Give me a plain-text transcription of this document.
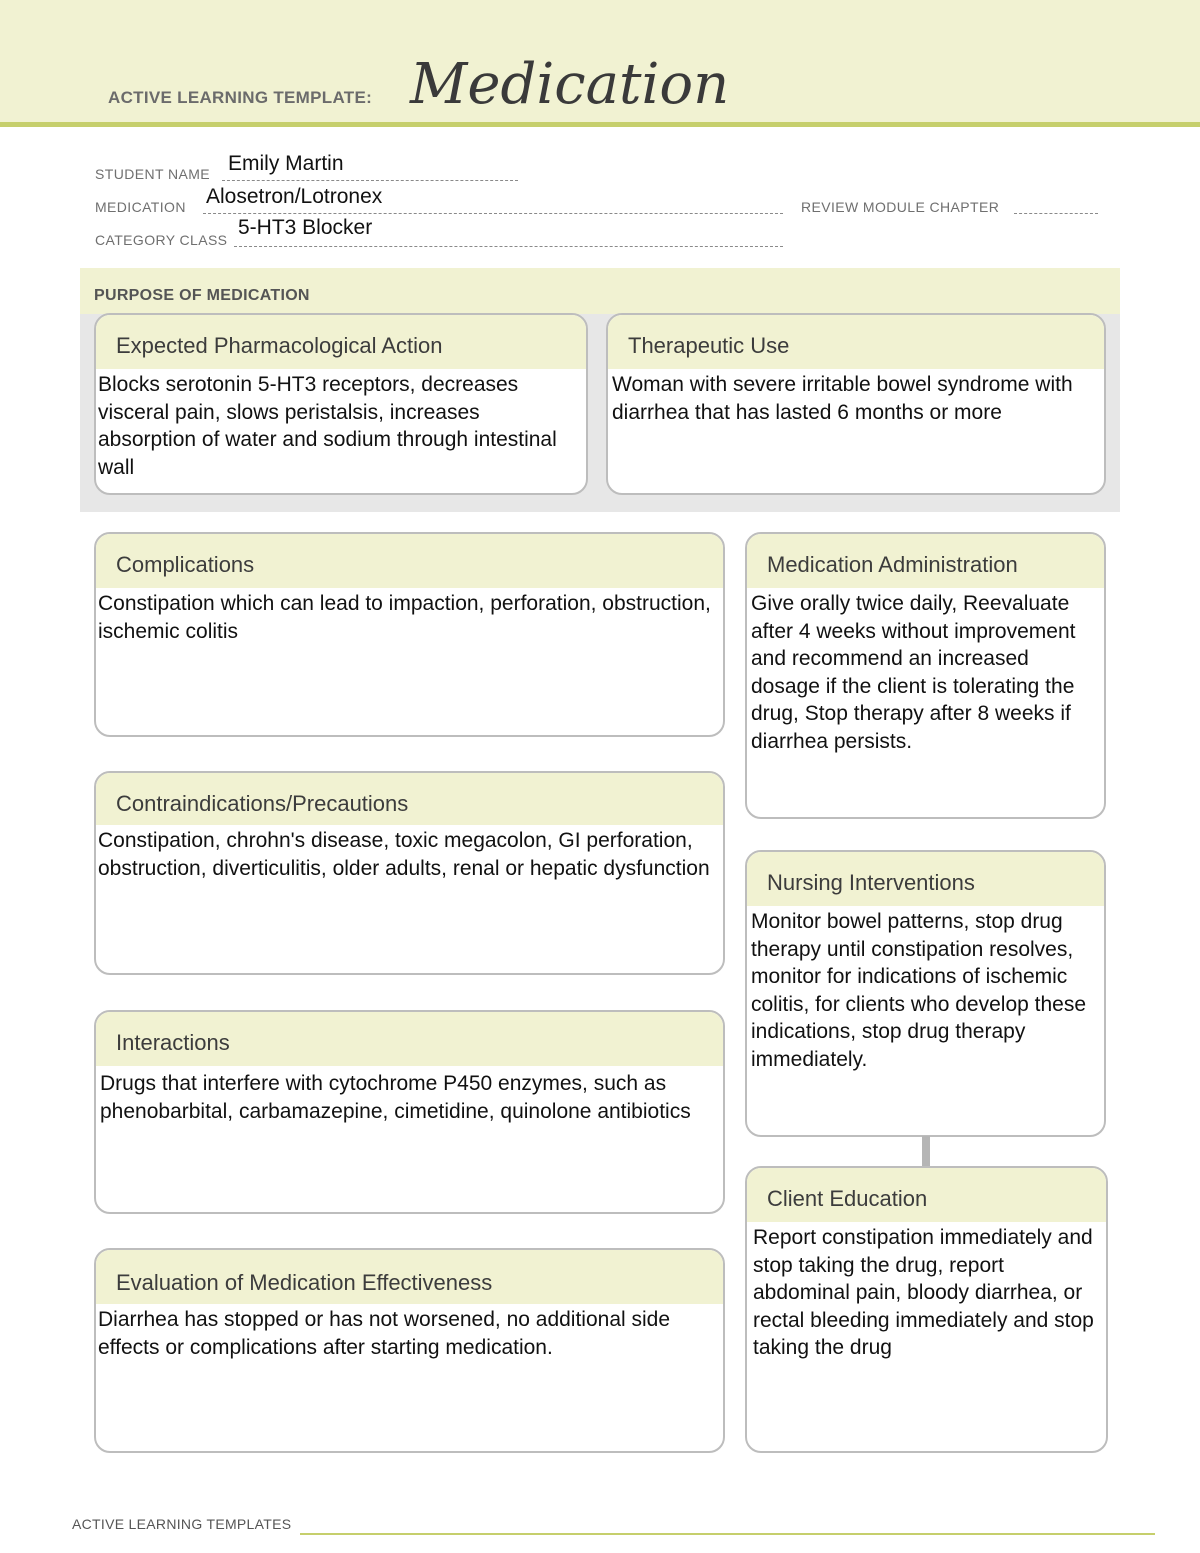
ACTIVE LEARNING TEMPLATE: Medication
STUDENT NAME Emily Martin
MEDICATION Alosetron/Lotronex	REVIEW MODULE CHAPTER
CATEGORY CLASS
5-HT3 Blocker
PURPOSE OF MEDICATION
Expected Pharmacological Action
Blocks serotonin 5-HT3 receptors, decreases visceral pain, slows peristalsis, increases absorption of water and sodium through intestinal wall
Therapeutic Use
Woman with severe irritable bowel syndrome with diarrhea that has lasted 6 months or more
Complications
Constipation which can lead to impaction, perforation, obstruction, ischemic colitis
Contraindications/Precautions
Constipation, chrohn's disease, toxic megacolon, GI perforation, obstruction, diverticulitis, older adults, renal or hepatic dysfunction
Interactions
Drugs that interfere with cytochrome P450 enzymes, such as phenobarbital, carbamazepine, cimetidine, quinolone antibiotics
Evaluation of Medication Effectiveness
Diarrhea has stopped or has not worsened, no additional side effects or complications after starting medication.
Medication Administration
Give orally twice daily, Reevaluate after 4 weeks without improvement and recommend an increased dosage if the client is tolerating the drug, Stop therapy after 8 weeks if diarrhea persists.
Nursing Interventions
Monitor bowel patterns, stop drug therapy until constipation resolves, monitor for indications of ischemic colitis, for clients who develop these indications, stop drug therapy immediately.
Client Education
Report constipation immediately and stop taking the drug, report abdominal pain, bloody diarrhea, or rectal bleeding immediately and stop taking the drug
ACTIVE LEARNING TEMPLATES
